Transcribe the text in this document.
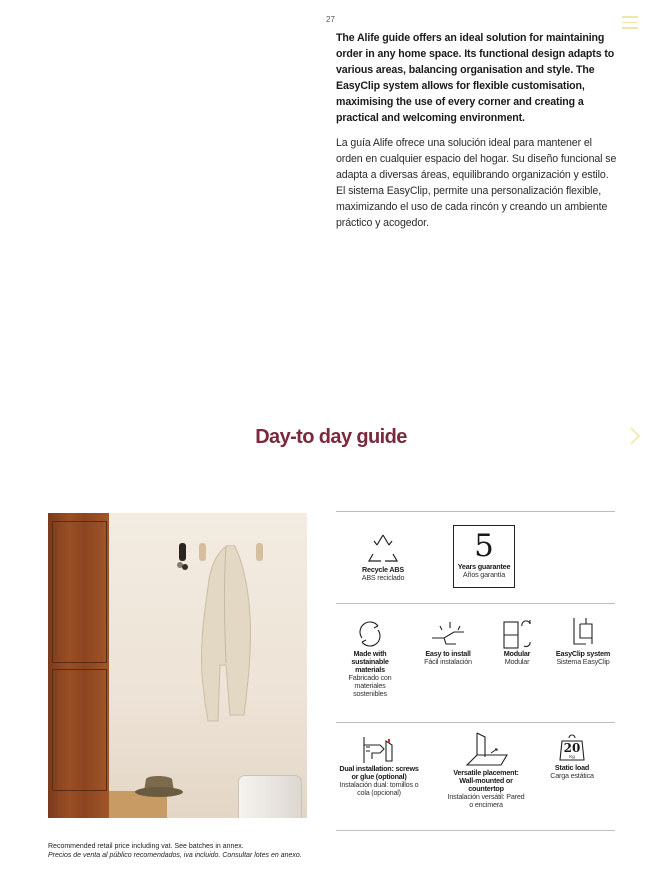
27

The Alife guide offers an ideal solution for maintaining order in any home space. Its functional design adapts to various areas, balancing organisation and style. The EasyClip system allows for flexible customisation, maximising the use of every corner and creating a practical and welcoming environment.

La guía Alife ofrece una solución ideal para mantener el orden en cualquier espacio del hogar. Su diseño funcional se adapta a diversas áreas, equilibrando organización y estilo. El sistema EasyClip, permite una personalización flexible, maximizando el uso de cada rincón y creando un ambiente práctico y acogedor.

Day-to day guide
Recycle ABS
ABS reciclado
5
Years guarantee
Años garantía
Made with sustainable materials
Fabricado con materiales sostenibles
Easy to install
Fácil instalación
Modular
Modular
EasyClip system
Sistema EasyClip
Dual installation: screws or glue (optional)
Instalación dual: tornillos o cola (opcional)
Versatile placement: Wall-mounted or countertop
Instalación versátil: Pared o encimera
20
Kg
Static load
Carga estática
Recommended retail price including vat. See batches in annex.
Precios de venta al público recomendados, iva incluido. Consultar lotes en anexo.
